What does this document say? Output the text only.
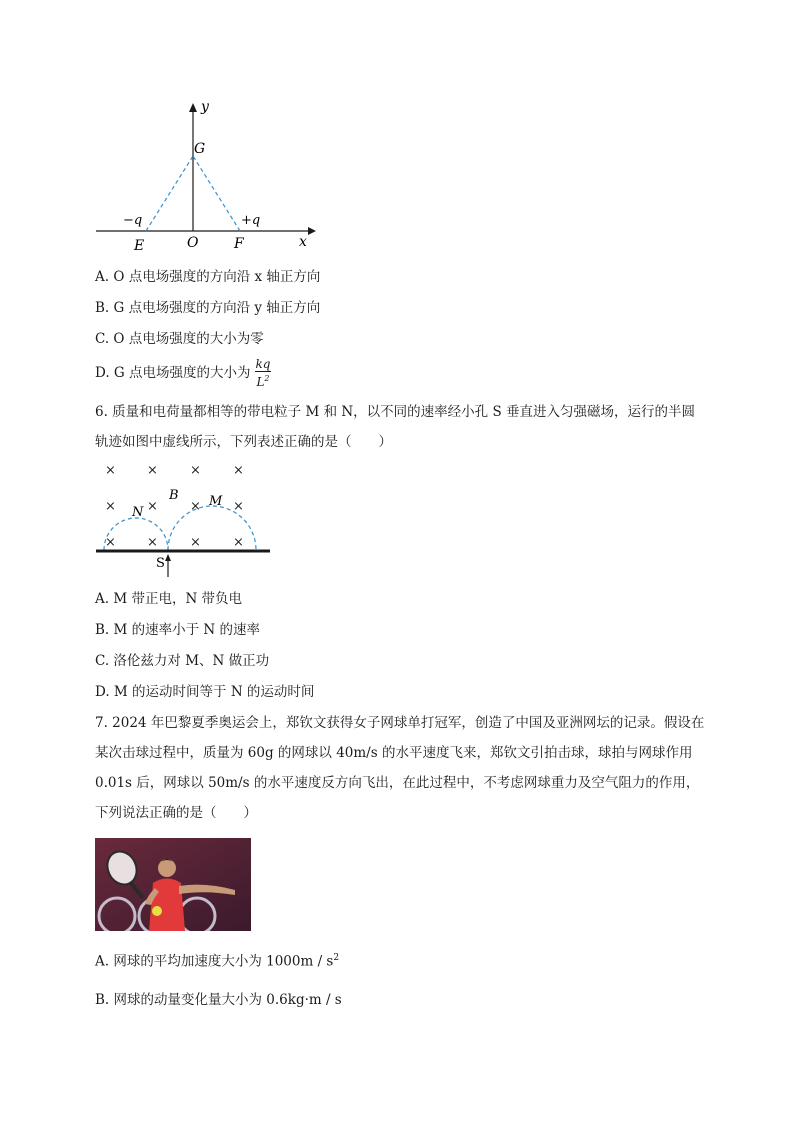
y
x
G
O
E	F
−q	+q
A. O 点电场强度的方向沿 x 轴正方向
B. G 点电场强度的方向沿 y 轴正方向
C. O 点电场强度的大小为零
D. G 点电场强度的大小为 $\frac{kq}{L^2}$
6. 质量和电荷量都相等的带电粒子 M 和 N，以不同的速率经小孔 S 垂直进入匀强磁场，运行的半圆轨迹如图中虚线所示，下列表述正确的是（　　）
× × × ×
× × × ×
× × × ×
B
N
M
S
A. M 带正电，N 带负电
B. M 的速率小于 N 的速率
C. 洛伦兹力对 M、N 做正功
D. M 的运动时间等于 N 的运动时间
7. 2024 年巴黎夏季奥运会上，郑钦文获得女子网球单打冠军，创造了中国及亚洲网坛的记录。假设在某次击球过程中，质量为 60g 的网球以 40m/s 的水平速度飞来，郑钦文引拍击球，球拍与网球作用 0.01s 后，网球以 50m/s 的水平速度反方向飞出，在此过程中，不考虑网球重力及空气阻力的作用，下列说法正确的是（　　）
A. 网球的平均加速度大小为 $1000m / s^2$
B. 网球的动量变化量大小为 0.6kg·m / s
